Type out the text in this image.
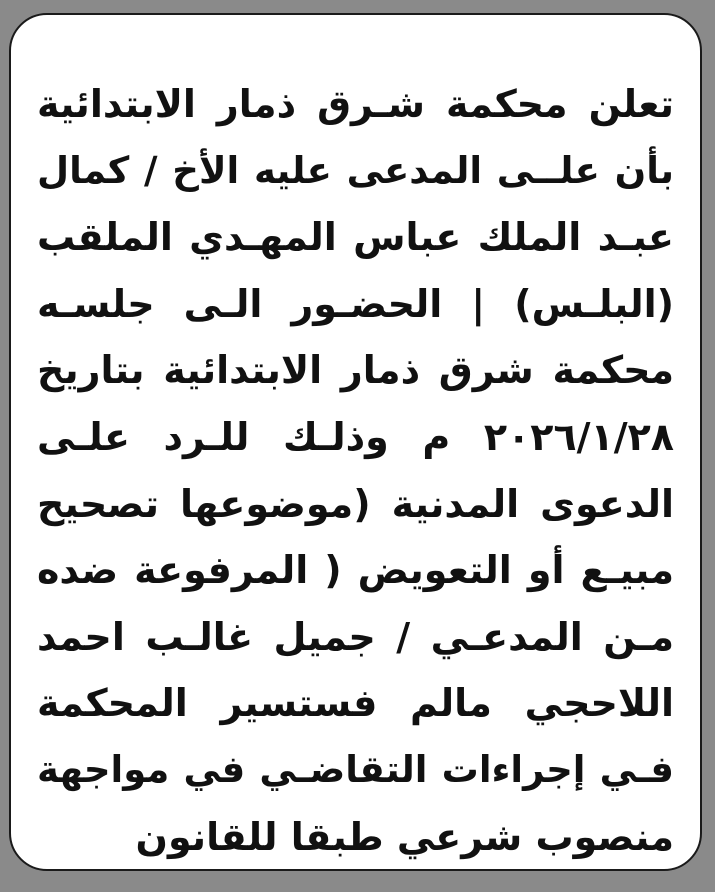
تعلن محكمة شـرق ذمار الابتدائية
بأن علــى المدعى عليه الأخ / كمال
عبـد الملك عباس المهـدي الملقب
(البلـس) | الحضـور الـى جلسـه
محكمة شرق ذمار الابتدائية بتاريخ
٢٠٢٦/١/٢٨ م وذلـك للـرد علـى
الدعوى المدنية (موضوعها تصحيح
مبيـع أو التعويض ( المرفوعة ضده
مـن المدعـي / جميل غالـب احمد
اللاحجي مالم فستسير المحكمة
فـي إجراءات التقاضـي في مواجهة
منصوب شرعي طبقا للقانون
